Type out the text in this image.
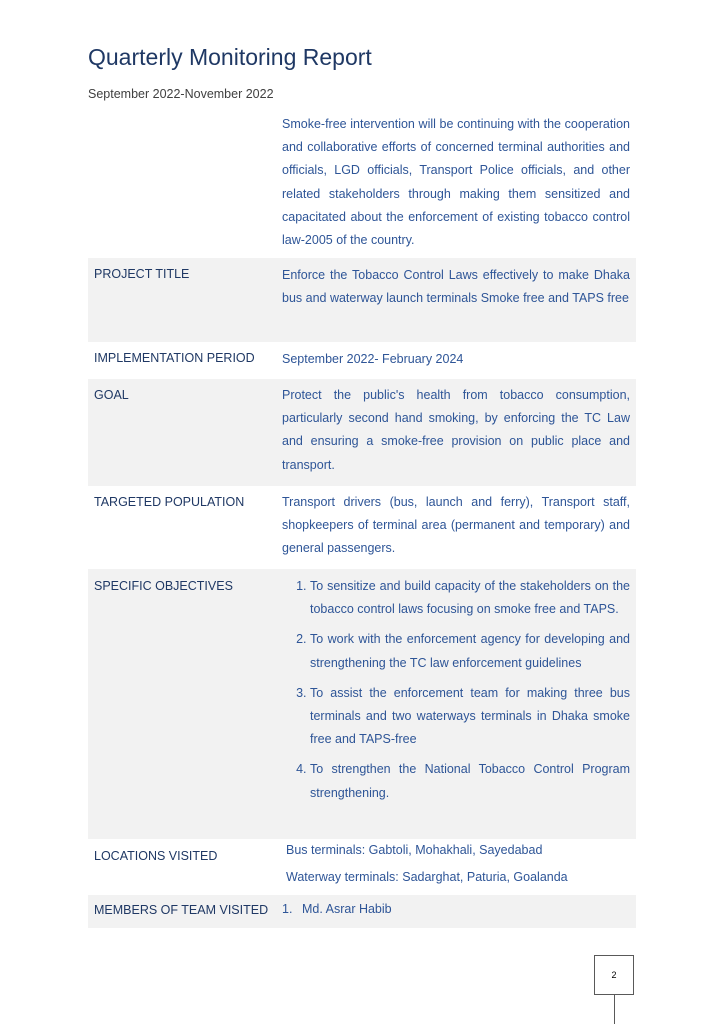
Quarterly Monitoring Report
September 2022-November 2022
Smoke-free intervention will be continuing with the cooperation and collaborative efforts of concerned terminal authorities and officials, LGD officials, Transport Police officials, and other related stakeholders through making them sensitized and capacitated about the enforcement of existing tobacco control law-2005 of the country.
PROJECT TITLE	Enforce the Tobacco Control Laws effectively to make Dhaka bus and waterway launch terminals Smoke free and TAPS free
IMPLEMENTATION PERIOD	September 2022- February 2024
GOAL	Protect the public's health from tobacco consumption, particularly second hand smoking, by enforcing the TC Law and ensuring a smoke-free provision on public place and transport.
TARGETED POPULATION	Transport drivers (bus, launch and ferry), Transport staff, shopkeepers of terminal area (permanent and temporary) and general passengers.
SPECIFIC OBJECTIVES
1.	To sensitize and build capacity of the stakeholders on the tobacco control laws focusing on smoke free and TAPS.
2. To work with the enforcement agency for developing and strengthening the TC law enforcement guidelines
3. To assist the enforcement team for making three bus terminals and two waterways terminals in Dhaka smoke free and TAPS-free
4. To strengthen the National Tobacco Control Program strengthening.
LOCATIONS VISITED	Bus terminals: Gabtoli, Mohakhali, Sayedabad
Waterway terminals: Sadarghat, Paturia, Goalanda
MEMBERS OF TEAM VISITED	1. Md. Asrar Habib
2
